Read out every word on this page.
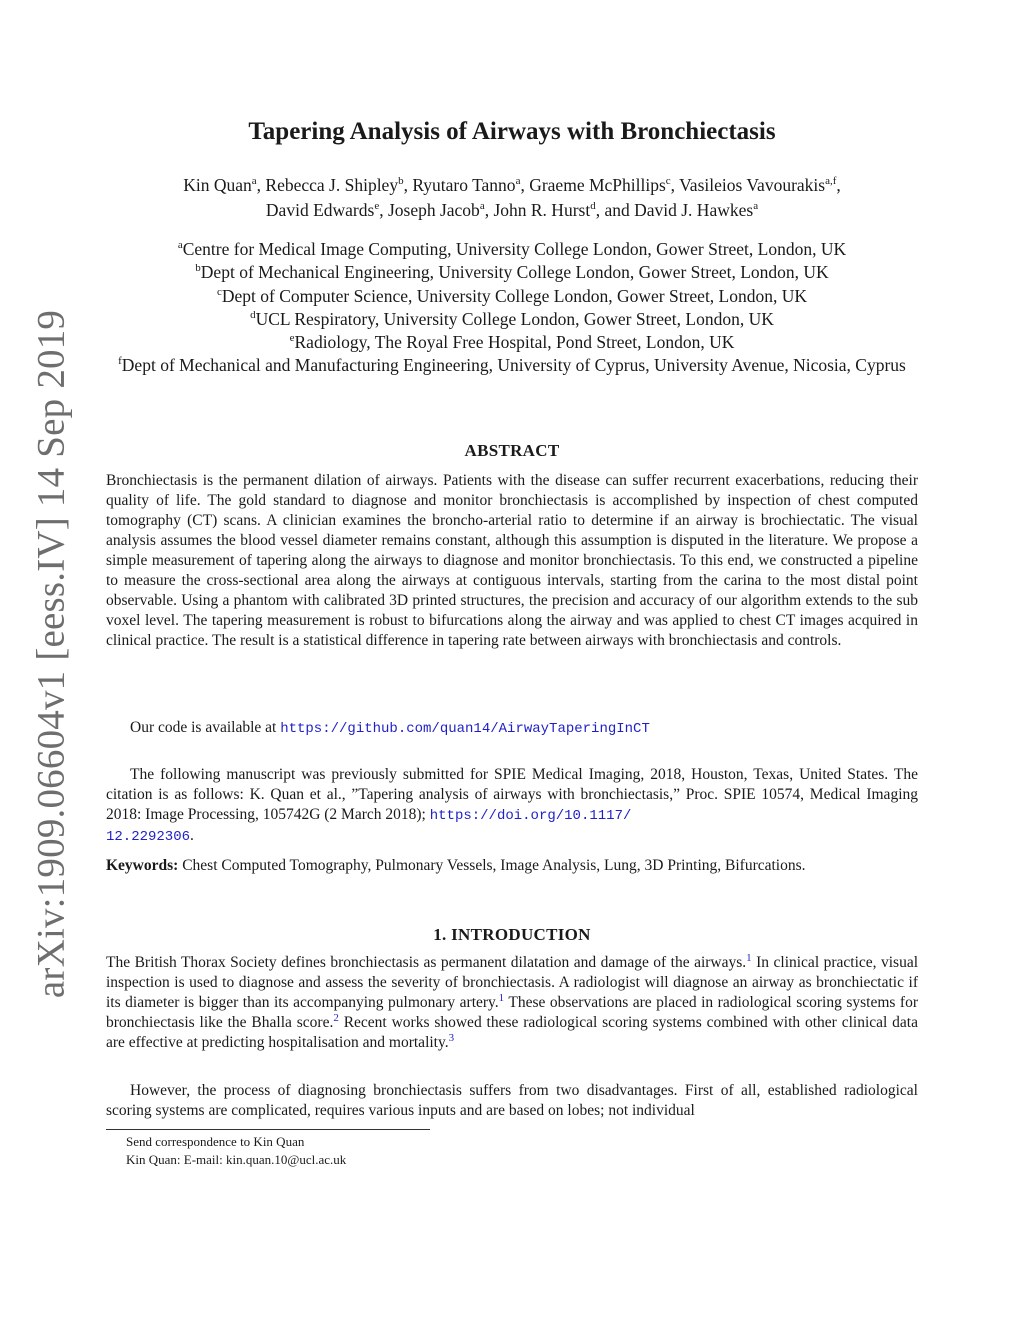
arXiv:1909.06604v1 [eess.IV] 14 Sep 2019
Tapering Analysis of Airways with Bronchiectasis
Kin Quan$^a$, Rebecca J. Shipley$^b$, Ryutaro Tanno$^a$, Graeme McPhillips$^c$, Vasileios Vavourakis$^{a,f}$,
David Edwards$^e$, Joseph Jacob$^a$, John R. Hurst$^d$, and David J. Hawkes$^a$
$^a$Centre for Medical Image Computing, University College London, Gower Street, London, UK
$^b$Dept of Mechanical Engineering, University College London, Gower Street, London, UK
$^c$Dept of Computer Science, University College London, Gower Street, London, UK
$^d$UCL Respiratory, University College London, Gower Street, London, UK
$^e$Radiology, The Royal Free Hospital, Pond Street, London, UK
$^f$Dept of Mechanical and Manufacturing Engineering, University of Cyprus, University Avenue, Nicosia, Cyprus
ABSTRACT

Bronchiectasis is the permanent dilation of airways. Patients with the disease can suffer recurrent exacerbations, reducing their quality of life. The gold standard to diagnose and monitor bronchiectasis is accomplished by inspection of chest computed tomography (CT) scans. A clinician examines the broncho-arterial ratio to determine if an airway is brochiectatic. The visual analysis assumes the blood vessel diameter remains constant, although this assumption is disputed in the literature. We propose a simple measurement of tapering along the airways to diagnose and monitor bronchiectasis. To this end, we constructed a pipeline to measure the cross-sectional area along the airways at contiguous intervals, starting from the carina to the most distal point observable. Using a phantom with calibrated 3D printed structures, the precision and accuracy of our algorithm extends to the sub voxel level. The tapering measurement is robust to bifurcations along the airway and was applied to chest CT images acquired in clinical practice. The result is a statistical difference in tapering rate between airways with bronchiectasis and controls.

Our code is available at https://github.com/quan14/AirwayTaperingInCT

The following manuscript was previously submitted for SPIE Medical Imaging, 2018, Houston, Texas, United States. The citation is as follows: K. Quan et al., ”Tapering analysis of airways with bronchiectasis,” Proc. SPIE 10574, Medical Imaging 2018: Image Processing, 105742G (2 March 2018); https://doi.org/10.1117/
12.2292306.

Keywords: Chest Computed Tomography, Pulmonary Vessels, Image Analysis, Lung, 3D Printing, Bifurcations.

1. INTRODUCTION

The British Thorax Society defines bronchiectasis as permanent dilatation and damage of the airways.$^1$ In clinical practice, visual inspection is used to diagnose and assess the severity of bronchiectasis. A radiologist will diagnose an airway as bronchiectatic if its diameter is bigger than its accompanying pulmonary artery.$^1$ These observations are placed in radiological scoring systems for bronchiectasis like the Bhalla score.$^2$ Recent works showed these radiological scoring systems combined with other clinical data are effective at predicting hospitalisation and mortality.$^3$

However, the process of diagnosing bronchiectasis suffers from two disadvantages. First of all, established radiological scoring systems are complicated, requires various inputs and are based on lobes; not individual

Send correspondence to Kin Quan

Kin Quan: E-mail: kin.quan.10@ucl.ac.uk
